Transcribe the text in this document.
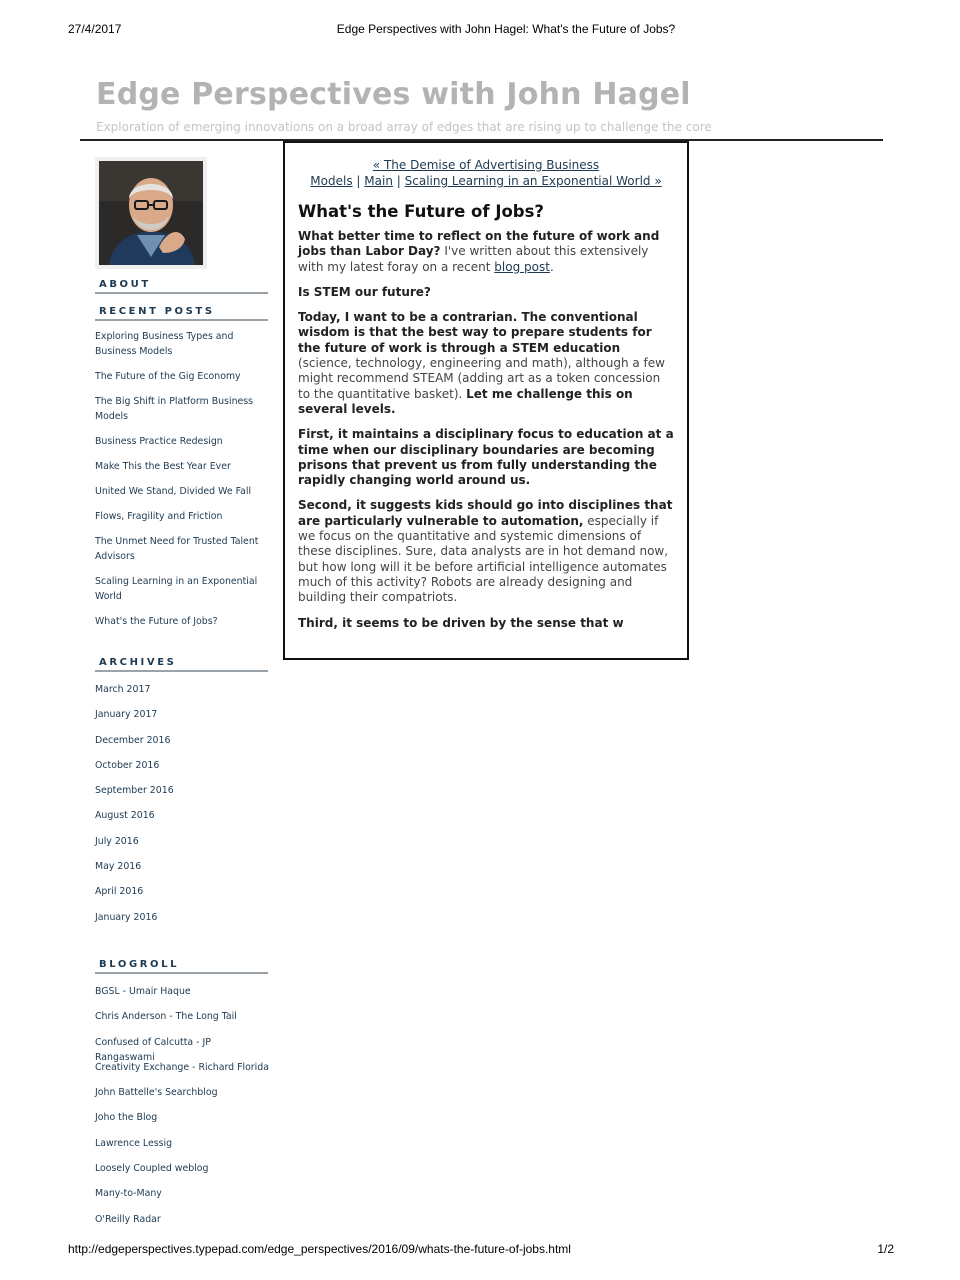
27/4/2017	Edge Perspectives with John Hagel: What's the Future of Jobs?
Edge Perspectives with John Hagel
Exploration of emerging innovations on a broad array of edges that are rising up to challenge the core
ABOUT
RECENT POSTS
Exploring Business Types and Business Models
The Future of the Gig Economy
The Big Shift in Platform Business Models
Business Practice Redesign
Make This the Best Year Ever
United We Stand, Divided We Fall
Flows, Fragility and Friction
The Unmet Need for Trusted Talent Advisors
Scaling Learning in an Exponential World
What's the Future of Jobs?
ARCHIVES
March 2017
January 2017
December 2016
October 2016
September 2016
August 2016
July 2016
May 2016
April 2016
January 2016
BLOGROLL
BGSL - Umair Haque
Chris Anderson - The Long Tail
Confused of Calcutta - JP Rangaswami
Creativity Exchange - Richard Florida
John Battelle's Searchblog
Joho the Blog
Lawrence Lessig
Loosely Coupled weblog
Many-to-Many
O'Reilly Radar
« The Demise of Advertising Business
Models | Main | Scaling Learning in an Exponential World »
What's the Future of Jobs?

What better time to reflect on the future of work and jobs than Labor Day? I've written about this extensively with my latest foray on a recent blog post.

Is STEM our future?

Today, I want to be a contrarian. The conventional wisdom is that the best way to prepare students for the future of work is through a STEM education (science, technology, engineering and math), although a few might recommend STEAM (adding art as a token concession to the quantitative basket). Let me challenge this on several levels.

First, it maintains a disciplinary focus to education at a time when our disciplinary boundaries are becoming prisons that prevent us from fully understanding the rapidly changing world around us.

Second, it suggests kids should go into disciplines that are particularly vulnerable to automation, especially if we focus on the quantitative and systemic dimensions of these disciplines. Sure, data analysts are in hot demand now, but how long will it be before artificial intelligence automates much of this activity? Robots are already designing and building their compatriots.

Third, it seems to be driven by the sense that w

http://edgeperspectives.typepad.com/edge_perspectives/2016/09/whats-the-future-of-jobs.html	1/2
